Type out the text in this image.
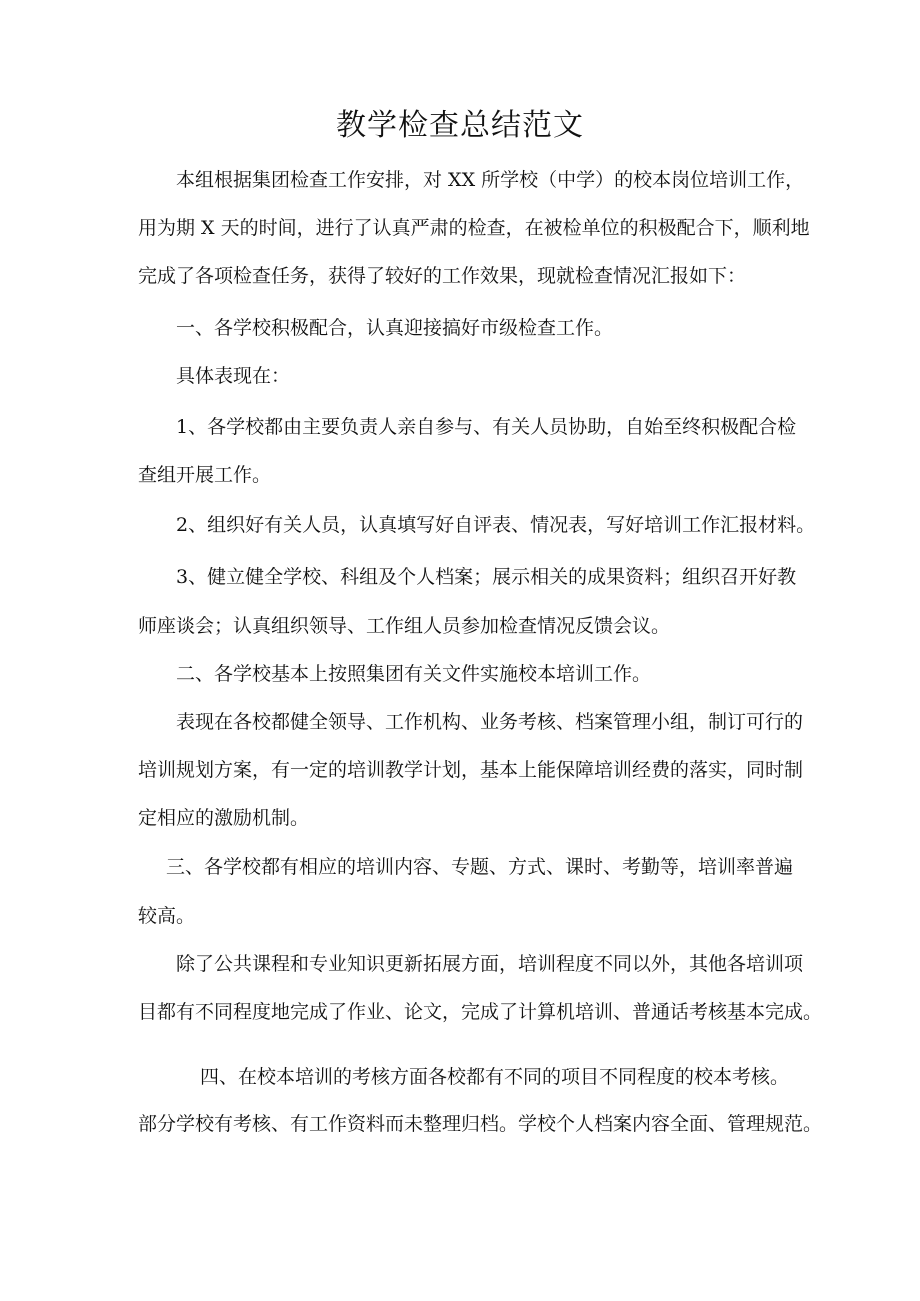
教学检查总结范文
本组根据集团检查工作安排，对 XX 所学校（中学）的校本岗位培训工作，
用为期 X 天的时间，进行了认真严肃的检查，在被检单位的积极配合下，顺利地
完成了各项检查任务，获得了较好的工作效果，现就检查情况汇报如下：
一、各学校积极配合，认真迎接搞好市级检查工作。
具体表现在：
1、各学校都由主要负责人亲自参与、有关人员协助，自始至终积极配合检
查组开展工作。
2、组织好有关人员，认真填写好自评表、情况表，写好培训工作汇报材料。
3、健立健全学校、科组及个人档案；展示相关的成果资料；组织召开好教
师座谈会；认真组织领导、工作组人员参加检查情况反馈会议。
二、各学校基本上按照集团有关文件实施校本培训工作。
表现在各校都健全领导、工作机构、业务考核、档案管理小组，制订可行的
培训规划方案，有一定的培训教学计划，基本上能保障培训经费的落实，同时制
定相应的激励机制。
三、各学校都有相应的培训内容、专题、方式、课时、考勤等，培训率普遍
较高。
除了公共课程和专业知识更新拓展方面，培训程度不同以外，其他各培训项
目都有不同程度地完成了作业、论文，完成了计算机培训、普通话考核基本完成。
四、在校本培训的考核方面各校都有不同的项目不同程度的校本考核。
部分学校有考核、有工作资料而未整理归档。学校个人档案内容全面、管理规范。
